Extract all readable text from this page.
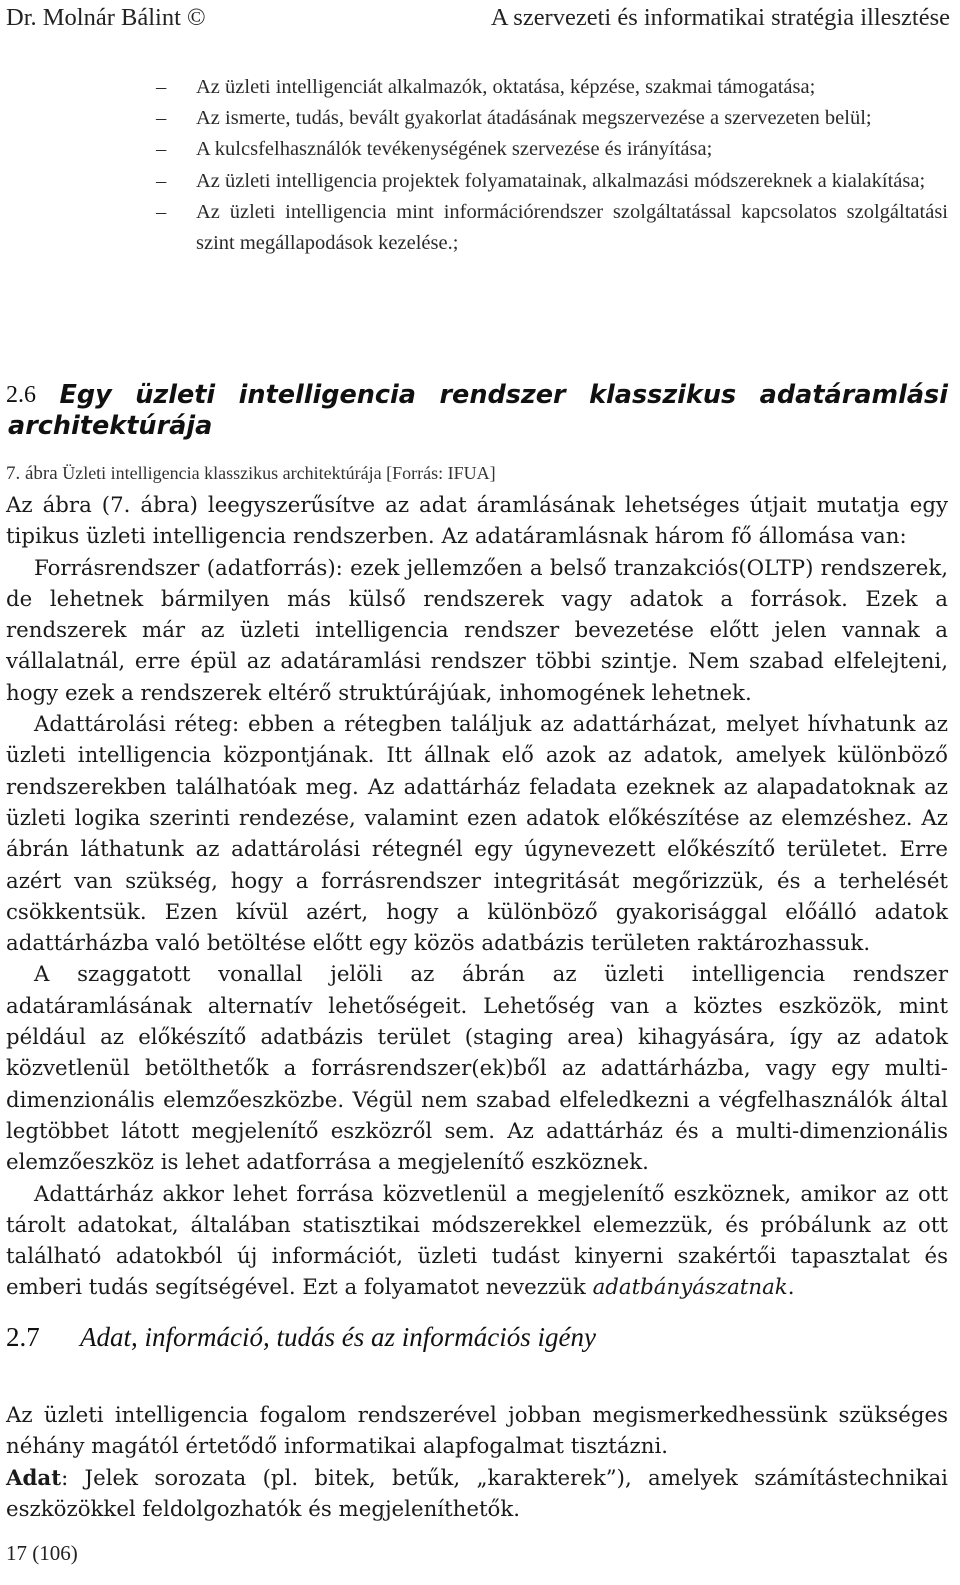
Dr. Molnár Bálint ©	A szervezeti és informatikai stratégia illesztése
– Az üzleti intelligenciát alkalmazók, oktatása, képzése, szakmai támogatása;
– Az ismerte, tudás, bevált gyakorlat átadásának megszervezése a szervezeten belül;
– A kulcsfelhasználók tevékenységének szervezése és irányítása;
– Az üzleti intelligencia projektek folyamatainak, alkalmazási módszereknek a kialakítása;
– Az üzleti intelligencia mint információrendszer szolgáltatással kapcsolatos szolgáltatási szint megállapodások kezelése.;
2.6 Egy üzleti intelligencia rendszer klasszikus adatáramlási
architektúrája
7. ábra Üzleti intelligencia klasszikus architektúrája [Forrás: IFUA]

Az ábra (7. ábra) leegyszerűsítve az adat áramlásának lehetséges útjait mutatja egy tipikus üzleti intelligencia rendszerben. Az adatáramlásnak három fő állomása van:

Forrásrendszer (adatforrás): ezek jellemzően a belső tranzakciós(OLTP) rendszerek, de lehetnek bármilyen más külső rendszerek vagy adatok a források. Ezek a rendszerek már az üzleti intelligencia rendszer bevezetése előtt jelen vannak a vállalatnál, erre épül az adatáramlási rendszer többi szintje. Nem szabad elfelejteni, hogy ezek a rendszerek eltérő struktúrájúak, inhomogének lehetnek.

Adattárolási réteg: ebben a rétegben találjuk az adattárházat, melyet hívhatunk az üzleti intelligencia központjának. Itt állnak elő azok az adatok, amelyek különböző rendszerekben találhatóak meg. Az adattárház feladata ezeknek az alapadatoknak az üzleti logika szerinti rendezése, valamint ezen adatok előkészítése az elemzéshez. Az ábrán láthatunk az adattárolási rétegnél egy úgynevezett előkészítő területet. Erre azért van szükség, hogy a forrásrendszer integritását megőrizzük, és a terhelését csökkentsük. Ezen kívül azért, hogy a különböző gyakorisággal előálló adatok adattárházba való betöltése előtt egy közös adatbázis területen raktározhassuk.

A szaggatott vonallal jelöli az ábrán az üzleti intelligencia rendszer adatáramlásának alternatív lehetőségeit. Lehetőség van a köztes eszközök, mint például az előkészítő adatbázis terület (staging area) kihagyására, így az adatok közvetlenül betölthetők a forrásrendszer(ek)ből az adattárházba, vagy egy multi-dimenzionális elemzőeszközbe. Végül nem szabad elfeledkezni a végfelhasználók által legtöbbet látott megjelenítő eszközről sem. Az adattárház és a multi-dimenzionális elemzőeszköz is lehet adatforrása a megjelenítő eszköznek.

Adattárház akkor lehet forrása közvetlenül a megjelenítő eszköznek, amikor az ott tárolt adatokat, általában statisztikai módszerekkel elemezzük, és próbálunk az ott található adatokból új információt, üzleti tudást kinyerni szakértői tapasztalat és emberi tudás segítségével. Ezt a folyamatot nevezzük adatbányászatnak.

2.7 Adat, információ, tudás és az információs igény

Az üzleti intelligencia fogalom rendszerével jobban megismerkedhessünk szükséges néhány magától értetődő informatikai alapfogalmat tisztázni.

Adat: Jelek sorozata (pl. bitek, betűk, „karakterek”), amelyek számítástechnikai eszközökkel feldolgozhatók és megjeleníthetők.

17 (106)
